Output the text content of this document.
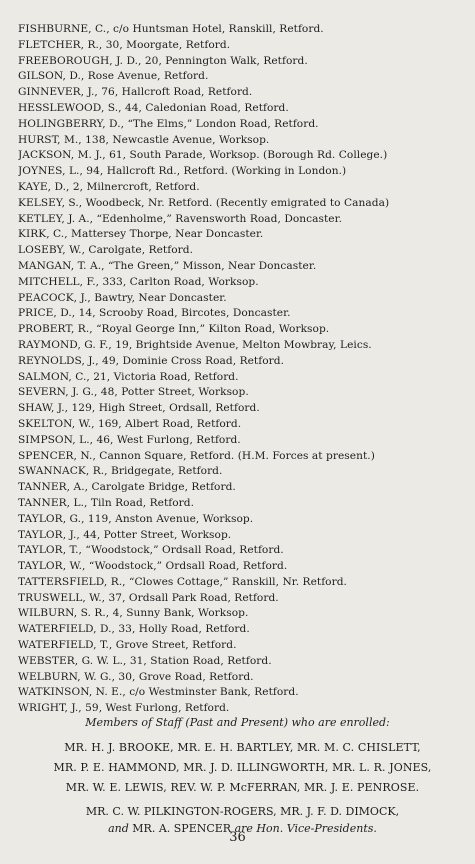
FISHBURNE, C., c/o Huntsman Hotel, Ranskill, Retford.
FLETCHER, R., 30, Moorgate, Retford.
FREEBOROUGH, J. D., 20, Pennington Walk, Retford.
GILSON, D., Rose Avenue, Retford.
GINNEVER, J., 76, Hallcroft Road, Retford.
HESSLEWOOD, S., 44, Caledonian Road, Retford.
HOLINGBERRY, D., “The Elms,” London Road, Retford.
HURST, M., 138, Newcastle Avenue, Worksop.
JACKSON, M. J., 61, South Parade, Worksop. (Borough Rd. College.)
JOYNES, L., 94, Hallcroft Rd., Retford. (Working in London.)
KAYE, D., 2, Milnercroft, Retford.
KELSEY, S., Woodbeck, Nr. Retford. (Recently emigrated to Canada)
KETLEY, J. A., “Edenholme,” Ravensworth Road, Doncaster.
KIRK, C., Mattersey Thorpe, Near Doncaster.
LOSEBY, W., Carolgate, Retford.
MANGAN, T. A., “The Green,” Misson, Near Doncaster.
MITCHELL, F., 333, Carlton Road, Worksop.
PEACOCK, J., Bawtry, Near Doncaster.
PRICE, D., 14, Scrooby Road, Bircotes, Doncaster.
PROBERT, R., “Royal George Inn,” Kilton Road, Worksop.
RAYMOND, G. F., 19, Brightside Avenue, Melton Mowbray, Leics.
REYNOLDS, J., 49, Dominie Cross Road, Retford.
SALMON, C., 21, Victoria Road, Retford.
SEVERN, J. G., 48, Potter Street, Worksop.
SHAW, J., 129, High Street, Ordsall, Retford.
SKELTON, W., 169, Albert Road, Retford.
SIMPSON, L., 46, West Furlong, Retford.
SPENCER, N., Cannon Square, Retford. (H.M. Forces at present.)
SWANNACK, R., Bridgegate, Retford.
TANNER, A., Carolgate Bridge, Retford.
TANNER, L., Tiln Road, Retford.
TAYLOR, G., 119, Anston Avenue, Worksop.
TAYLOR, J., 44, Potter Street, Worksop.
TAYLOR, T., “Woodstock,” Ordsall Road, Retford.
TAYLOR, W., “Woodstock,” Ordsall Road, Retford.
TATTERSFIELD, R., “Clowes Cottage,” Ranskill, Nr. Retford.
TRUSWELL, W., 37, Ordsall Park Road, Retford.
WILBURN, S. R., 4, Sunny Bank, Worksop.
WATERFIELD, D., 33, Holly Road, Retford.
WATERFIELD, T., Grove Street, Retford.
WEBSTER, G. W. L., 31, Station Road, Retford.
WELBURN, W. G., 30, Grove Road, Retford.
WATKINSON, N. E., c/o Westminster Bank, Retford.
WRIGHT, J., 59, West Furlong, Retford.
Members of Staff (Past and Present) who are enrolled:
MR. H. J. BROOKE, MR. E. H. BARTLEY, MR. M. C. CHISLETT,
MR. P. E. HAMMOND, MR. J. D. ILLINGWORTH, MR. L. R. JONES,
MR. W. E. LEWIS, REV. W. P. McFERRAN, MR. J. E. PENROSE.
MR. C. W. PILKINGTON-ROGERS, MR. J. F. D. DIMOCK,
and MR. A. SPENCER are Hon. Vice-Presidents.
36
